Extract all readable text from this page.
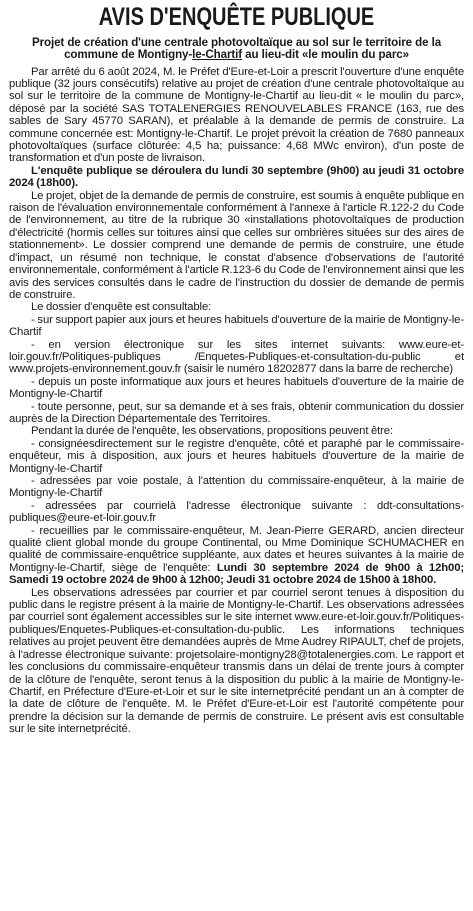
AVIS D'ENQUÊTE PUBLIQUE
Projet de création d'une centrale photovoltaïque au sol sur le territoire de la commune de Montigny-le-Chartif au lieu-dit «le moulin du parc»

Par arrêté du 6 août 2024, M. le Préfet d'Eure-et-Loir a prescrit l'ouverture d'une enquête publique (32 jours consécutifs) relative au projet de création d'une centrale photovoltaïque au sol sur le territoire de la commune de Montigny-le-Chartif au lieu-dit « le moulin du parc», déposé par la société SAS TOTALENERGIES RENOUVELABLES FRANCE (163, rue des sables de Sary 45770 SARAN), et préalable à la demande de permis de construire. La commune concernée est: Montigny-le-Chartif. Le projet prévoit la création de 7680 panneaux photovoltaïques (surface clôturée: 4,5 ha; puissance: 4,68 MWc environ), d'un poste de transformation et d'un poste de livraison.

L'enquête publique se déroulera du lundi 30 septembre (9h00) au jeudi 31 octobre 2024 (18h00).

Le projet, objet de la demande de permis de construire, est soumis à enquête publique en raison de l'évaluation environnementale conformément à l'annexe à l'article R.122-2 du Code de l'environnement, au titre de la rubrique 30 «installations photovoltaïques de production d'électricité (hormis celles sur toitures ainsi que celles sur ombrières situées sur des aires de stationnement». Le dossier comprend une demande de permis de construire, une étude d'impact, un résumé non technique, le constat d'absence d'observations de l'autorité environnementale, conformément à l'article R.123-6 du Code de l'environnement ainsi que les avis des services consultés dans le cadre de l'instruction du dossier de demande de permis de construire.

Le dossier d'enquête est consultable:

- sur support papier aux jours et heures habituels d'ouverture de la mairie de Montigny-le-Chartif

- en version électronique sur les sites internet suivants: www.eure-et-loir.gouv.fr/Politiques-publiques /Enquetes-Publiques-et-consultation-du-public et www.projets-environnement.gouv.fr (saisir le numéro 18202877 dans la barre de recherche)

- depuis un poste informatique aux jours et heures habituels d'ouverture de la mairie de Montigny-le-Chartif

- toute personne, peut, sur sa demande et à ses frais, obtenir communication du dossier auprès de la Direction Départementale des Territoires.

Pendant la durée de l'enquête, les observations, propositions peuvent être:

- consignéesdirectement sur le registre d'enquête, côté et paraphé par le commissaire-enquêteur, mis à disposition, aux jours et heures habituels d'ouverture de la mairie de Montigny-le-Chartif

- adressées par voie postale, à l'attention du commissaire-enquêteur, à la mairie de Montigny-le-Chartif

- adressées par courrielà l'adresse électronique suivante : ddt-consultations-publiques@eure-et-loir.gouv.fr

- recueillies par le commissaire-enquêteur, M. Jean-Pierre GERARD, ancien directeur qualité client global monde du groupe Continental, ou Mme Dominique SCHUMACHER en qualité de commissaire-enquêtrice suppléante, aux dates et heures suivantes à la mairie de Montigny-le-Chartif, siège de l'enquête: Lundi 30 septembre 2024 de 9h00 à 12h00; Samedi 19 octobre 2024 de 9h00 à 12h00; Jeudi 31 octobre 2024 de 15h00 à 18h00.

Les observations adressées par courrier et par courriel seront tenues à disposition du public dans le registre présent à la mairie de Montigny-le-Chartif. Les observations adressées par courriel sont également accessibles sur le site internet www.eure-et-loir.gouv.fr/Politiques-publiques/Enquetes-Publiques-et-consultation-du-public. Les informations techniques relatives au projet peuvent être demandées auprès de Mme Audrey RIPAULT, chef de projets, à l'adresse électronique suivante: projetsolaire-montigny28@totalenergies.com. Le rapport et les conclusions du commissaire-enquêteur transmis dans un délai de trente jours à compter de la clôture de l'enquête, seront tenus à la disposition du public à la mairie de Montigny-le-Chartif, en Préfecture d'Eure-et-Loir et sur le site internetprécité pendant un an à compter de la date de clôture de l'enquête. M. le Préfet d'Eure-et-Loir est l'autorité compétente pour prendre la décision sur la demande de permis de construire. Le présent avis est consultable sur le site internetprécité.
